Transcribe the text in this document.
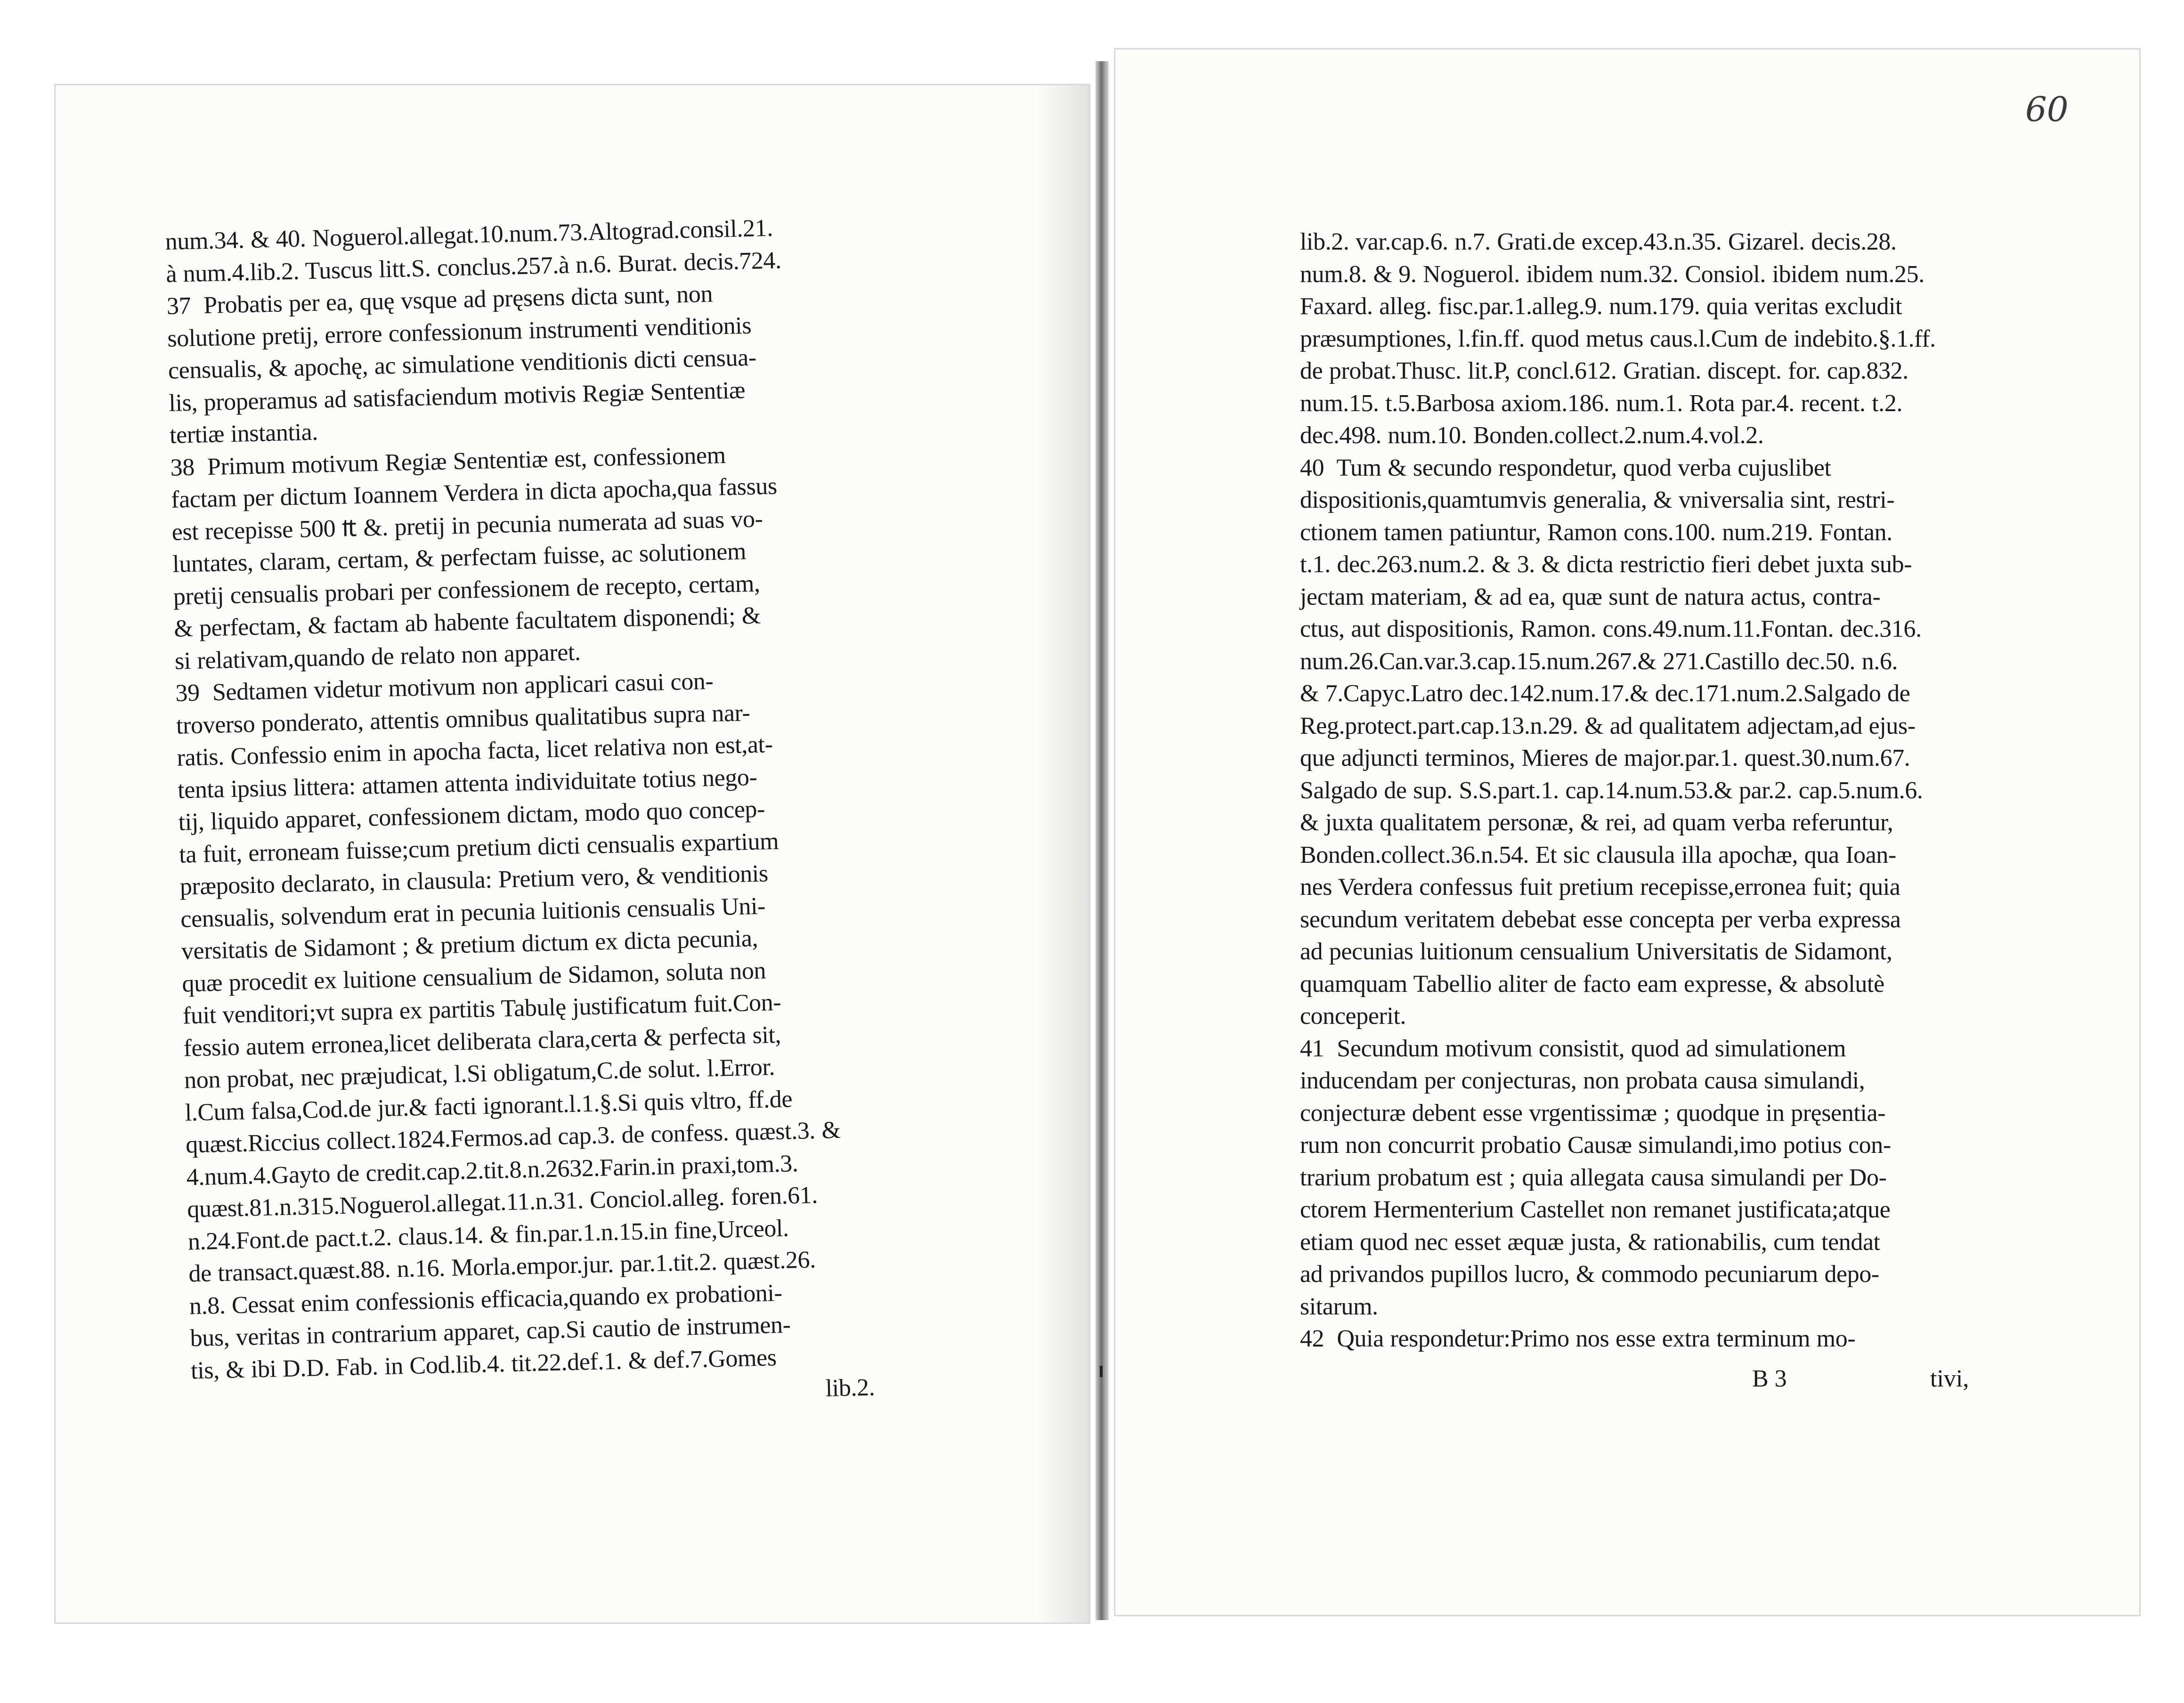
60

num.34. & 40. Noguerol.allegat.10.num.73.Altograd.consil.21.
à num.4.lib.2. Tuscus litt.S. conclus.257.à n.6. Burat. decis.724.
37  Probatis per ea, quę vsque ad pręsens dicta sunt, non
solutione pretij, errore confessionum instrumenti venditionis
censualis, & apochę, ac simulatione venditionis dicti censua-
lis, properamus ad satisfaciendum motivis Regiæ Sententiæ
tertiæ instantia.
38  Primum motivum Regiæ Sententiæ est, confessionem
factam per dictum Ioannem Verdera in dicta apocha,qua fassus
est recepisse 500 ₶ &. pretij in pecunia numerata ad suas vo-
luntates, claram, certam, & perfectam fuisse, ac solutionem
pretij censualis probari per confessionem de recepto, certam,
& perfectam, & factam ab habente facultatem disponendi; &
si relativam,quando de relato non apparet.
39  Sedtamen videtur motivum non applicari casui con-
troverso ponderato, attentis omnibus qualitatibus supra nar-
ratis. Confessio enim in apocha facta, licet relativa non est,at-
tenta ipsius littera: attamen attenta individuitate totius nego-
tij, liquido apparet, confessionem dictam, modo quo concep-
ta fuit, erroneam fuisse;cum pretium dicti censualis expartium
præposito declarato, in clausula: Pretium vero, & venditionis
censualis, solvendum erat in pecunia luitionis censualis Uni-
versitatis de Sidamont ; & pretium dictum ex dicta pecunia,
quæ procedit ex luitione censualium de Sidamon, soluta non
fuit venditori;vt supra ex partitis Tabulę justificatum fuit.Con-
fessio autem erronea,licet deliberata clara,certa & perfecta sit,
non probat, nec præjudicat, l.Si obligatum,C.de solut. l.Error.
l.Cum falsa,Cod.de jur.& facti ignorant.l.1.§.Si quis vltro, ff.de
quæst.Riccius collect.1824.Fermos.ad cap.3. de confess. quæst.3. &
4.num.4.Gayto de credit.cap.2.tit.8.n.2632.Farin.in praxi,tom.3.
quæst.81.n.315.Noguerol.allegat.11.n.31. Conciol.alleg. foren.61.
n.24.Font.de pact.t.2. claus.14. & fin.par.1.n.15.in fine,Urceol.
de transact.quæst.88. n.16. Morla.empor.jur. par.1.tit.2. quæst.26.
n.8. Cessat enim confessionis efficacia,quando ex probationi-
bus, veritas in contrarium apparet, cap.Si cautio de instrumen-
tis, & ibi D.D. Fab. in Cod.lib.4. tit.22.def.1. & def.7.Gomes
lib.2.
lib.2. var.cap.6. n.7. Grati.de excep.43.n.35. Gizarel. decis.28.
num.8. & 9. Noguerol. ibidem num.32. Consiol. ibidem num.25.
Faxard. alleg. fisc.par.1.alleg.9. num.179. quia veritas excludit
præsumptiones, l.fin.ff. quod metus caus.l.Cum de indebito.§.1.ff.
de probat.Thusc. lit.P, concl.612. Gratian. discept. for. cap.832.
num.15. t.5.Barbosa axiom.186. num.1. Rota par.4. recent. t.2.
dec.498. num.10. Bonden.collect.2.num.4.vol.2.
40  Tum & secundo respondetur, quod verba cujuslibet
dispositionis,quamtumvis generalia, & vniversalia sint, restri-
ctionem tamen patiuntur, Ramon cons.100. num.219. Fontan.
t.1. dec.263.num.2. & 3. & dicta restrictio fieri debet juxta sub-
jectam materiam, & ad ea, quæ sunt de natura actus, contra-
ctus, aut dispositionis, Ramon. cons.49.num.11.Fontan. dec.316.
num.26.Can.var.3.cap.15.num.267.& 271.Castillo dec.50. n.6.
& 7.Capyc.Latro dec.142.num.17.& dec.171.num.2.Salgado de
Reg.protect.part.cap.13.n.29. & ad qualitatem adjectam,ad ejus-
que adjuncti terminos, Mieres de major.par.1. quest.30.num.67.
Salgado de sup. S.S.part.1. cap.14.num.53.& par.2. cap.5.num.6.
& juxta qualitatem personæ, & rei, ad quam verba referuntur,
Bonden.collect.36.n.54. Et sic clausula illa apochæ, qua Ioan-
nes Verdera confessus fuit pretium recepisse,erronea fuit; quia
secundum veritatem debebat esse concepta per verba expressa
ad pecunias luitionum censualium Universitatis de Sidamont,
quamquam Tabellio aliter de facto eam expresse, & absolutè
conceperit.
41  Secundum motivum consistit, quod ad simulationem
inducendam per conjecturas, non probata causa simulandi,
conjecturæ debent esse vrgentissimæ ; quodque in pręsentia-
rum non concurrit probatio Causæ simulandi,imo potius con-
trarium probatum est ; quia allegata causa simulandi per Do-
ctorem Hermenterium Castellet non remanet justificata;atque
etiam quod nec esset æquæ justa, & rationabilis, cum tendat
ad privandos pupillos lucro, & commodo pecuniarum depo-
sitarum.
42  Quia respondetur:Primo nos esse extra terminum mo-

B 3	tivi,
